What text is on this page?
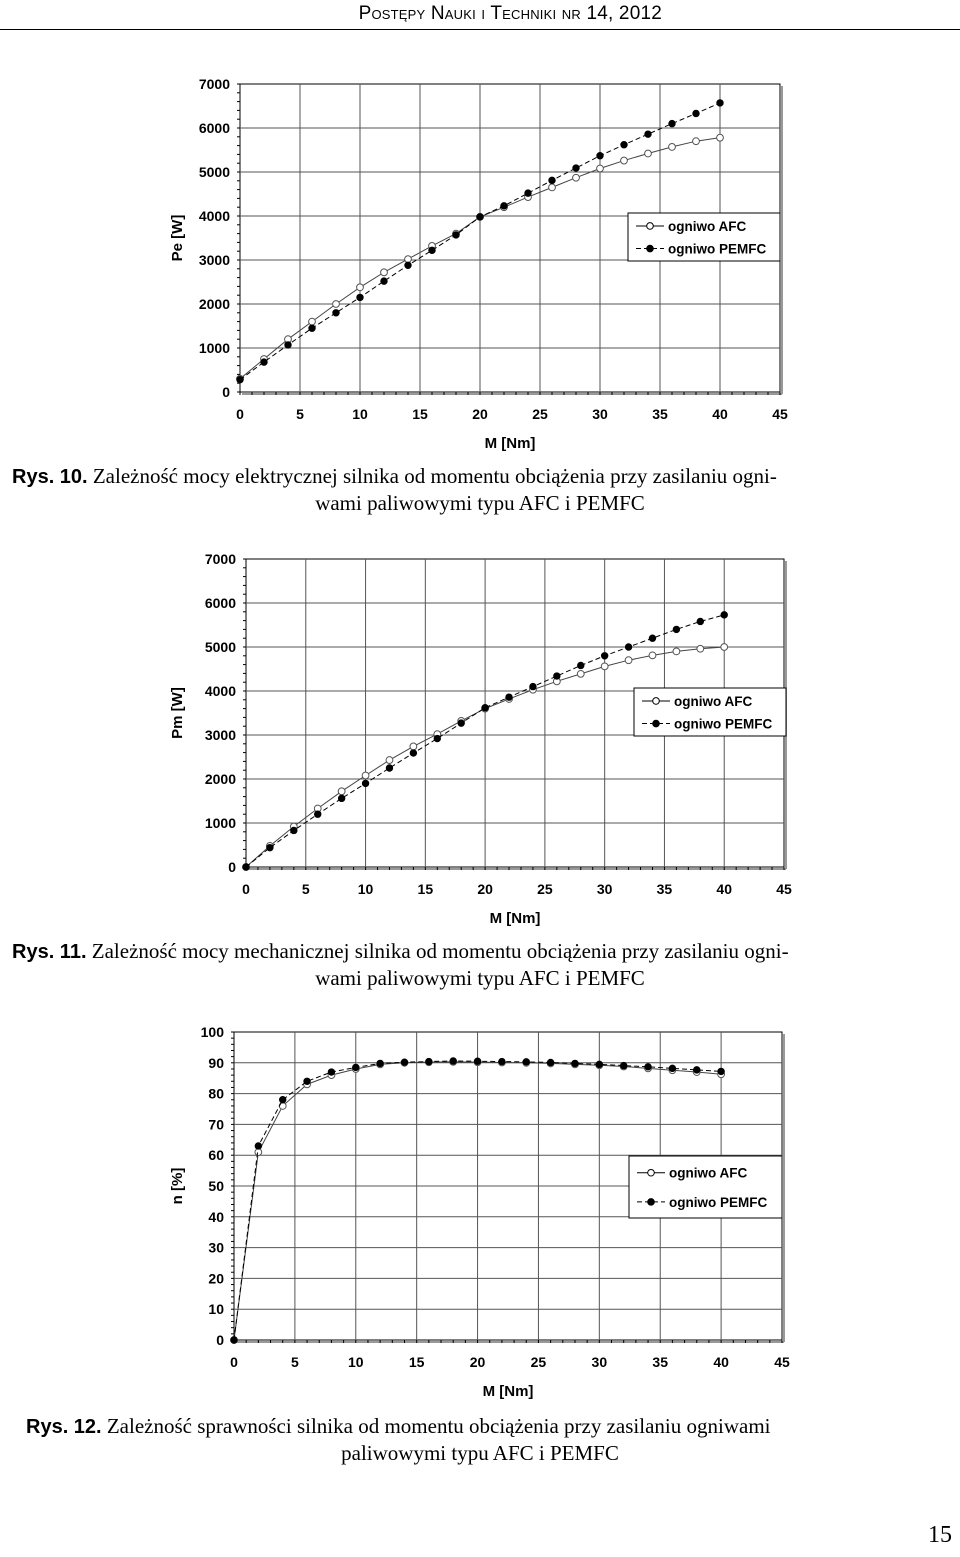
Postępy Nauki i Techniki nr 14, 2012
0
1000
2000
3000
4000
5000
6000
7000
0	5	10	15	20	25	30	35	40	45
M [Nm]
Pe [W]	ogniwo AFC
ogniwo PEMFC
Rys. 10. Zależność mocy elektrycznej silnika od momentu obciążenia przy zasilaniu ogni-
wami paliwowymi typu AFC i PEMFC
0
1000
2000
3000
4000
5000
6000
7000
0	5	10	15	20	25	30	35	40	45
M [Nm]
Pm [W]	ogniwo AFC
ogniwo PEMFC
Rys. 11. Zależność mocy mechanicznej silnika od momentu obciążenia przy zasilaniu ogni-
wami paliwowymi typu AFC i PEMFC
0
10
20
30
40
50
60
70
80
90
100
0	5	10	15	20	25	30	35	40	45
M [Nm]
n [%]	ogniwo AFC
ogniwo PEMFC
Rys. 12. Zależność sprawności silnika od momentu obciążenia przy zasilaniu ogniwami
paliwowymi typu AFC i PEMFC
15
